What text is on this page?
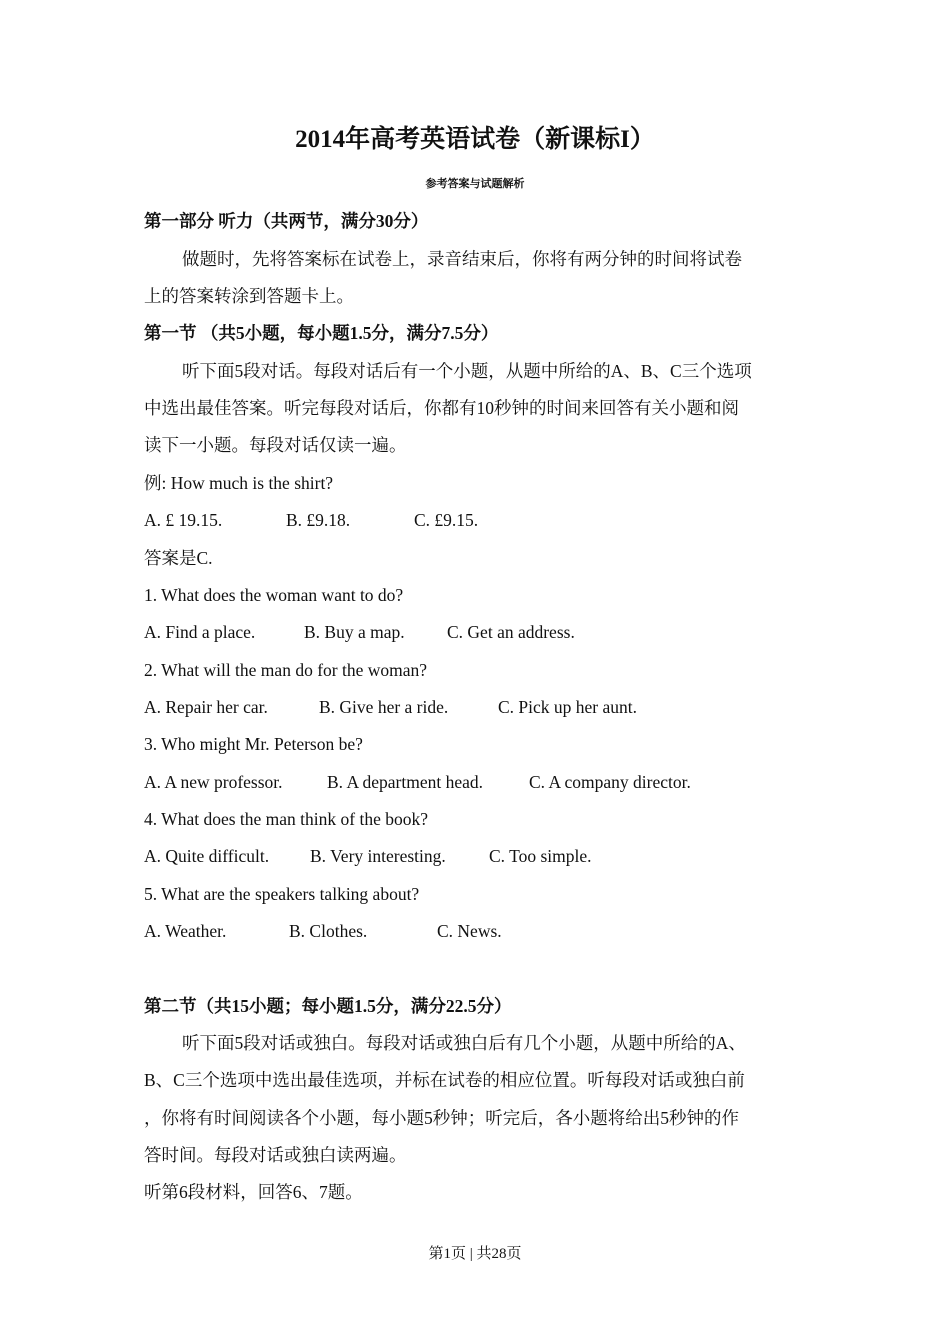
2014年高考英语试卷（新课标I）
参考答案与试题解析
第一部分 听力（共两节，满分30分）
做题时，先将答案标在试卷上，录音结束后，你将有两分钟的时间将试卷
上的答案转涂到答题卡上。
第一节 （共5小题，每小题1.5分，满分7.5分）
听下面5段对话。每段对话后有一个小题，从题中所给的A、B、C三个选项
中选出最佳答案。听完每段对话后，你都有10秒钟的时间来回答有关小题和阅
读下一小题。每段对话仅读一遍。
例: How much is the shirt?
A. £ 19.15.	B. £9.18.	C. £9.15.
答案是C.
1. What does the woman want to do?
A. Find a place.	B. Buy a map. C. Get an address.
2. What will the man do for the woman?
A. Repair her car.	B. Give her a ride.	C. Pick up her aunt.
3. Who might Mr. Peterson be?
A. A new professor.	B. A department head.	C. A company director.
4. What does the man think of the book?
A. Quite difficult. B. Very interesting. C. Too simple.
5. What are the speakers talking about?
A. Weather.	B. Clothes.	C. News.
第二节（共15小题；每小题1.5分，满分22.5分）
听下面5段对话或独白。每段对话或独白后有几个小题，从题中所给的A、
B、C三个选项中选出最佳选项，并标在试卷的相应位置。听每段对话或独白前
，你将有时间阅读各个小题，每小题5秒钟；听完后，各小题将给出5秒钟的作
答时间。每段对话或独白读两遍。
听第6段材料，回答6、7题。
第1页 | 共28页
